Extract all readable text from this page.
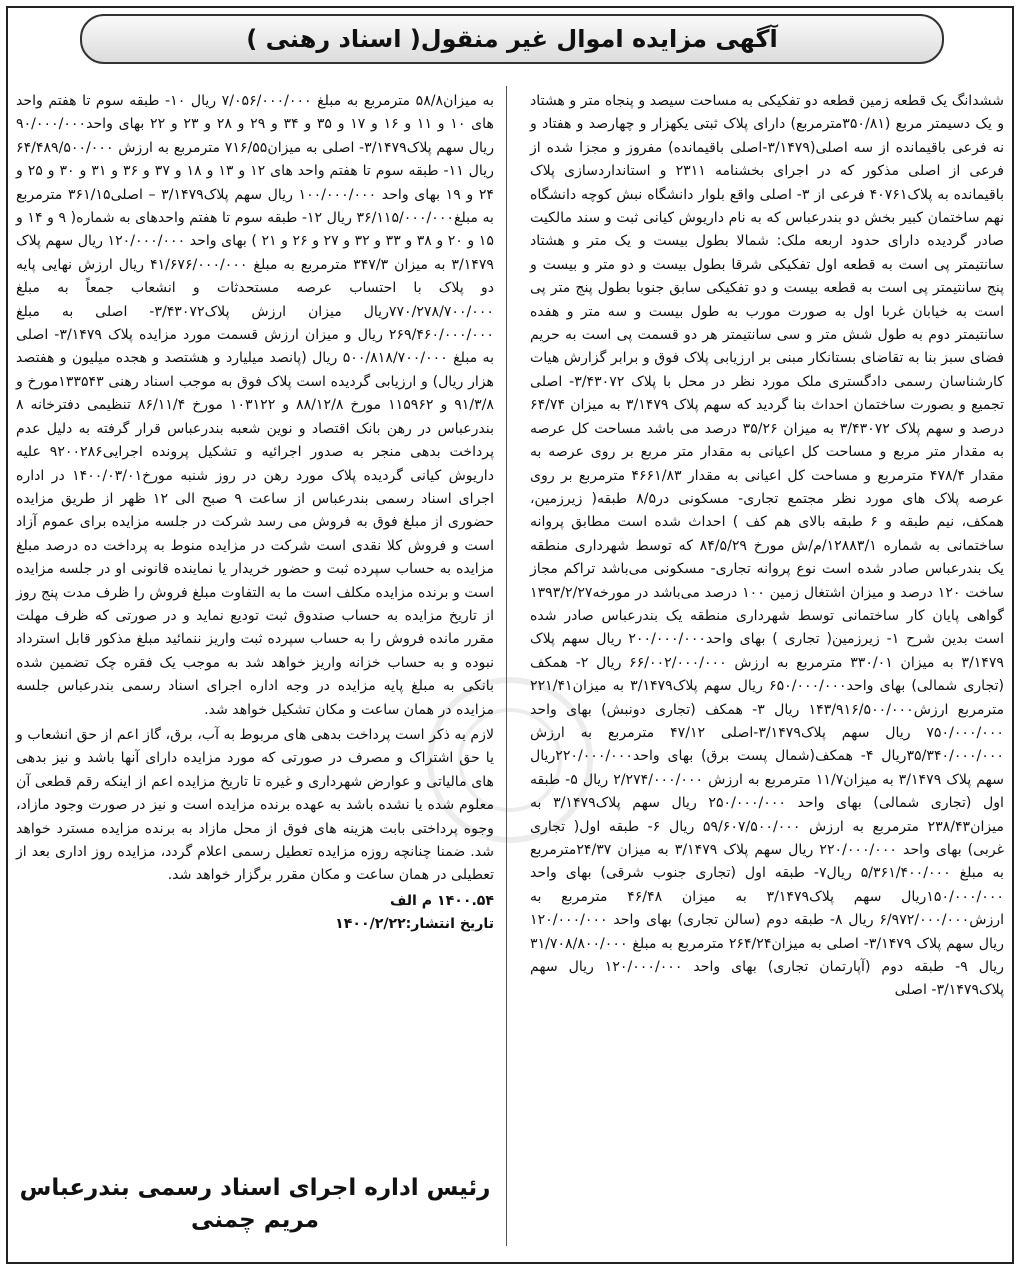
آگهی مزایده اموال غیر منقول( اسناد رهنی )

ششدانگ یک قطعه زمین قطعه دو تفکیکی به مساحت سیصد و پنجاه متر و هشتاد و یک دسیمتر مربع (۳۵۰/۸۱مترمربع) دارای پلاک ثبتی یکهزار و چهارصد و هفتاد و نه فرعی باقیمانده از سه اصلی(۳/۱۴۷۹-اصلی باقیمانده) مفروز و مجزا شده از فرعی از اصلی مذکور که در اجرای بخشنامه ۲۳۱۱ و استانداردسازی پلاک باقیمانده به پلاک۴۰۷۶۱ فرعی از ۳- اصلی واقع بلوار دانشگاه نبش کوچه دانشگاه نهم ساختمان کبیر بخش دو بندرعباس که به نام داریوش کیانی ثبت و سند مالکیت صادر گردیده دارای حدود اربعه ملک: شمالا بطول بیست و یک متر و هشتاد سانتیمتر پی است به قطعه اول تفکیکی شرقا بطول بیست و دو متر و بیست و پنج سانتیمتر پی است به قطعه بیست و دو تفکیکی سابق جنوبا بطول پنج متر پی است به خیابان غربا اول به صورت مورب به طول بیست و سه متر و هفده سانتیمتر دوم به طول شش متر و سی سانتیمتر هر دو قسمت پی است به حریم فضای سبز بنا به تقاضای بستانکار مبنی بر ارزیابی پلاک فوق و برابر گزارش هیات کارشناسان رسمی دادگستری ملک مورد نظر در محل با پلاک ۳/۴۳۰۷۲- اصلی تجمیع و بصورت ساختمان احداث بنا گردید که سهم پلاک ۳/۱۴۷۹ به میزان ۶۴/۷۴ درصد و سهم پلاک ۳/۴۳۰۷۲ به میزان ۳۵/۲۶ درصد می باشد مساحت کل عرصه به مقدار متر مربع و مساحت کل اعیانی به مقدار متر مربع بر روی عرصه به مقدار ۴۷۸/۴ مترمربع و مساحت کل اعیانی به مقدار ۴۶۶۱/۸۳ مترمربع بر روی عرصه پلاک های مورد نظر مجتمع تجاری- مسکونی در۸/۵ طبقه( زیرزمین، همکف، نیم طبقه و ۶ طبقه بالای هم کف ) احداث شده است مطابق پروانه ساختمانی به شماره ۱۲۸۸۳/۱/م/ش مورخ ۸۴/۵/۲۹ که توسط شهرداری منطقه یک بندرعباس صادر شده است نوع پروانه تجاری- مسکونی می‌باشد تراکم مجاز ساخت ۱۲۰ درصد و میزان اشتغال زمین ۱۰۰ درصد می‌باشد در مورخه۱۳۹۳/۲/۲۷ گواهی پایان کار ساختمانی توسط شهرداری منطقه یک بندرعباس صادر شده است بدین شرح ۱- زیرزمین( تجاری ) بهای واحد۲۰۰/۰۰۰/۰۰۰ ریال سهم پلاک ۳/۱۴۷۹ به میزان ۳۳۰/۰۱ مترمربع به ارزش ۶۶/۰۰۲/۰۰۰/۰۰۰ ریال ۲- همکف (تجاری شمالی) بهای واحد۶۵۰/۰۰۰/۰۰۰ ریال سهم پلاک۳/۱۴۷۹ به میزان۲۲۱/۴۱ مترمربع ارزش۱۴۳/۹۱۶/۵۰۰/۰۰۰ ریال ۳- همکف (تجاری دونبش) بهای واحد ۷۵۰/۰۰۰/۰۰۰ ریال سهم پلاک۳/۱۴۷۹-اصلی ۴۷/۱۲ مترمربع به ارزش ۳۵/۳۴۰/۰۰۰/۰۰۰ریال ۴- همکف(شمال پست برق) بهای واحد۲۲۰/۰۰۰/۰۰۰ریال سهم پلاک ۳/۱۴۷۹ به میزان۱۱/۷ مترمربع به ارزش ۲/۲۷۴/۰۰۰/۰۰۰ ریال ۵- طبقه اول (تجاری شمالی) بهای واحد ۲۵۰/۰۰۰/۰۰۰ ریال سهم پلاک۳/۱۴۷۹ به میزان۲۳۸/۴۳ مترمربع به ارزش ۵۹/۶۰۷/۵۰۰/۰۰۰ ریال ۶- طبقه اول( تجاری غربی) بهای واحد ۲۲۰/۰۰۰/۰۰۰ ریال سهم پلاک ۳/۱۴۷۹ به میزان ۲۴/۳۷مترمربع به مبلغ ۵/۳۶۱/۴۰۰/۰۰۰ ریال۷- طبقه اول (تجاری جنوب شرقی) بهای واحد ۱۵۰/۰۰۰/۰۰۰ریال سهم پلاک۳/۱۴۷۹ به میزان ۴۶/۴۸ مترمربع به ارزش۶/۹۷۲/۰۰۰/۰۰۰ ریال ۸- طبقه دوم (سالن تجاری) بهای واحد ۱۲۰/۰۰۰/۰۰۰ ریال سهم پلاک ۳/۱۴۷۹- اصلی به میزان۲۶۴/۲۴ مترمربع به مبلغ ۳۱/۷۰۸/۸۰۰/۰۰۰ ریال ۹- طبقه دوم (آپارتمان تجاری) بهای واحد ۱۲۰/۰۰۰/۰۰۰ ریال سهم پلاک۳/۱۴۷۹- اصلی

به میزان۵۸/۸ مترمربع به مبلغ ۷/۰۵۶/۰۰۰/۰۰۰ ریال ۱۰- طبقه سوم تا هفتم واحد های ۱۰ و ۱۱ و ۱۶ و ۱۷ و ۳۵ و ۳۴ و ۲۹ و ۲۸ و ۲۳ و ۲۲ بهای واحد۹۰/۰۰۰/۰۰۰ ریال سهم پلاک۳/۱۴۷۹- اصلی به میزان۷۱۶/۵۵ مترمربع به ارزش ۶۴/۴۸۹/۵۰۰/۰۰۰ ریال ۱۱- طبقه سوم تا هفتم واحد های ۱۲ و ۱۳ و ۱۸ و ۳۷ و ۳۶ و ۳۱ و ۳۰ و ۲۵ و ۲۴ و ۱۹ بهای واحد ۱۰۰/۰۰۰/۰۰۰ ریال سهم پلاک۳/۱۴۷۹ – اصلی۳۶۱/۱۵ مترمربع به مبلغ۳۶/۱۱۵/۰۰۰/۰۰۰ ریال ۱۲- طبقه سوم تا هفتم واحدهای به شماره( ۹ و ۱۴ و ۱۵ و ۲۰ و ۳۸ و ۳۳ و ۳۲ و ۲۷ و ۲۶ و ۲۱ ) بهای واحد ۱۲۰/۰۰۰/۰۰۰ ریال سهم پلاک ۳/۱۴۷۹ به میزان ۳۴۷/۳ مترمربع به مبلغ ۴۱/۶۷۶/۰۰۰/۰۰۰ ریال ارزش نهایی پایه دو پلاک با احتساب عرصه مستحدثات و انشعاب جمعاً به مبلغ ۷۷۰/۲۷۸/۷۰۰/۰۰۰ریال میزان ارزش پلاک۳/۴۳۰۷۲- اصلی به مبلغ ۲۶۹/۴۶۰/۰۰۰/۰۰۰ ریال و میزان ارزش قسمت مورد مزایده پلاک ۳/۱۴۷۹- اصلی به مبلغ ۵۰۰/۸۱۸/۷۰۰/۰۰۰ ریال (پانصد میلیارد و هشتصد و هجده میلیون و هفتصد هزار ریال) و ارزیابی گردیده است پلاک فوق به موجب اسناد رهنی ۱۳۳۵۴۳مورخ و ۹۱/۳/۸ و ۱۱۵۹۶۲ مورخ ۸۸/۱۲/۸ و ۱۰۳۱۲۲ مورخ ۸۶/۱۱/۴ تنظیمی دفترخانه ۸ بندرعباس در رهن بانک اقتصاد و نوین شعبه بندرعباس قرار گرفته به دلیل عدم پرداخت بدهی منجر به صدور اجرائیه و تشکیل پرونده اجرایی۹۲۰۰۲۸۶ علیه داریوش کیانی گردیده پلاک مورد رهن در روز شنبه مورخ۱۴۰۰/۰۳/۰۱ در اداره اجرای اسناد رسمی بندرعباس از ساعت ۹ صبح الی ۱۲ ظهر از طریق مزایده حضوری از مبلغ فوق به فروش می رسد شرکت در جلسه مزایده برای عموم آزاد است و فروش کلا نقدی است شرکت در مزایده منوط به پرداخت ده درصد مبلغ مزایده به حساب سپرده ثبت و حضور خریدار یا نماینده قانونی او در جلسه مزایده است و برنده مزایده مکلف است ما به التفاوت مبلغ فروش را ظرف مدت پنج روز از تاریخ مزایده به حساب صندوق ثبت تودیع نماید و در صورتی که ظرف مهلت مقرر مانده فروش را به حساب سپرده ثبت واریز ننمائید مبلغ مذکور قابل استرداد نبوده و به حساب خزانه واریز خواهد شد به موجب یک فقره چک تضمین شده بانکی به مبلغ پایه مزایده در وجه اداره اجرای اسناد رسمی بندرعباس جلسه مزایده در همان ساعت و مکان تشکیل خواهد شد.

لازم به ذکر است پرداخت بدهی های مربوط به آب، برق، گاز اعم از حق انشعاب و یا حق اشتراک و مصرف در صورتی که مورد مزایده دارای آنها باشد و نیز بدهی های مالیاتی و عوارض شهرداری و غیره تا تاریخ مزایده اعم از اینکه رقم قطعی آن معلوم شده یا نشده باشد به عهده برنده مزایده است و نیز در صورت وجود مازاد، وجوه پرداختی بابت هزینه های فوق از محل مازاد به برنده مزایده مسترد خواهد شد. ضمنا چنانچه روزه مزایده تعطیل رسمی اعلام گردد، مزایده روز اداری بعد از تعطیلی در همان ساعت و مکان مقرر برگزار خواهد شد.

۱۴۰۰.۵۴ م الف
تاریخ انتشار:۱۴۰۰/۲/۲۲
رئیس اداره اجرای اسناد رسمی بندرعباس
مریم چمنی
